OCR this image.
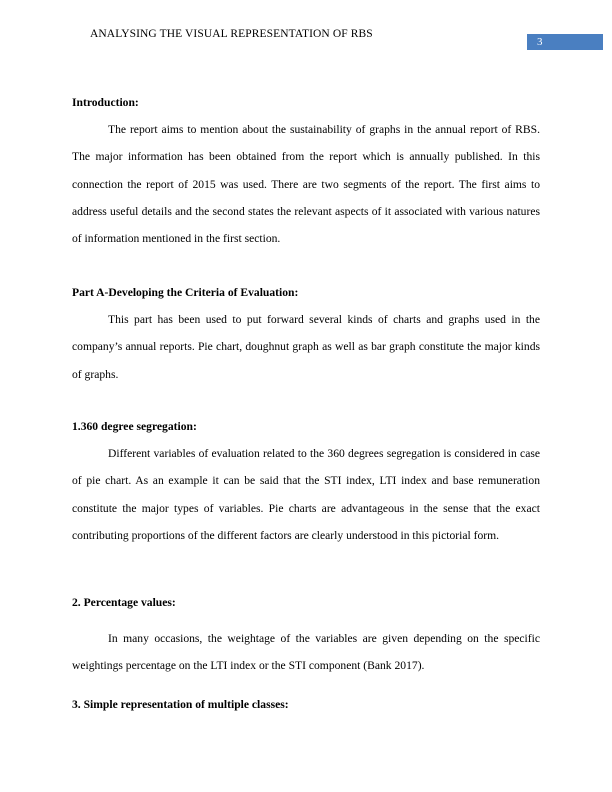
ANALYSING THE VISUAL REPRESENTATION OF RBS
3
Introduction:

The report aims to mention about the sustainability of graphs in the annual report of RBS. The major information has been obtained from the report which is annually published. In this connection the report of 2015 was used. There are two segments of the report. The first aims to address useful details and the second states the relevant aspects of it associated with various natures of information mentioned in the first section.

Part A-Developing the Criteria of Evaluation:

This part has been used to put forward several kinds of charts and graphs used in the company’s annual reports. Pie chart, doughnut graph as well as bar graph constitute the major kinds of graphs.

1.360 degree segregation:

Different variables of evaluation related to the 360 degrees segregation is considered in case of pie chart. As an example it can be said that the STI index, LTI index and base remuneration constitute the major types of variables. Pie charts are advantageous in the sense that the exact contributing proportions of the different factors are clearly understood in this pictorial form.

2. Percentage values:

In many occasions, the weightage of the variables are given depending on the specific weightings percentage on the LTI index or the STI component (Bank 2017).

3. Simple representation of multiple classes:
